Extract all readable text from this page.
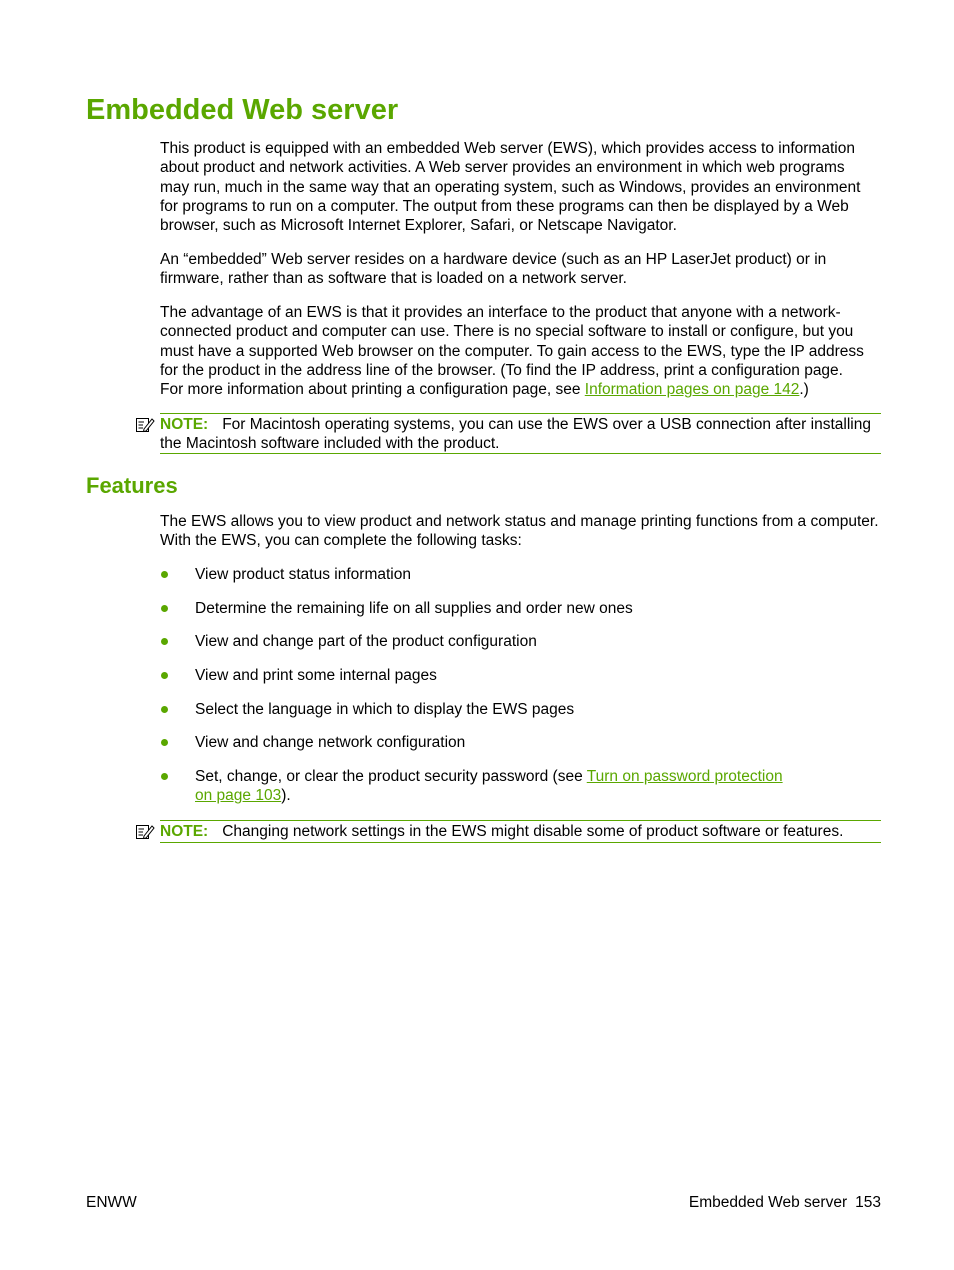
Embedded Web server
This product is equipped with an embedded Web server (EWS), which provides access to information
about product and network activities. A Web server provides an environment in which web programs
may run, much in the same way that an operating system, such as Windows, provides an environment
for programs to run on a computer. The output from these programs can then be displayed by a Web
browser, such as Microsoft Internet Explorer, Safari, or Netscape Navigator.
An “embedded” Web server resides on a hardware device (such as an HP LaserJet product) or in
firmware, rather than as software that is loaded on a network server.
The advantage of an EWS is that it provides an interface to the product that anyone with a network-
connected product and computer can use. There is no special software to install or configure, but you
must have a supported Web browser on the computer. To gain access to the EWS, type the IP address
for the product in the address line of the browser. (To find the IP address, print a configuration page.
For more information about printing a configuration page, see Information pages on page 142.)
NOTE: For Macintosh operating systems, you can use the EWS over a USB connection after installing
the Macintosh software included with the product.
Features
The EWS allows you to view product and network status and manage printing functions from a computer.
With the EWS, you can complete the following tasks:
View product status information
Determine the remaining life on all supplies and order new ones
View and change part of the product configuration
View and print some internal pages
Select the language in which to display the EWS pages
View and change network configuration
Set, change, or clear the product security password (see Turn on password protection
on page 103).
NOTE: Changing network settings in the EWS might disable some of product software or features.
ENWW	Embedded Web server 153
